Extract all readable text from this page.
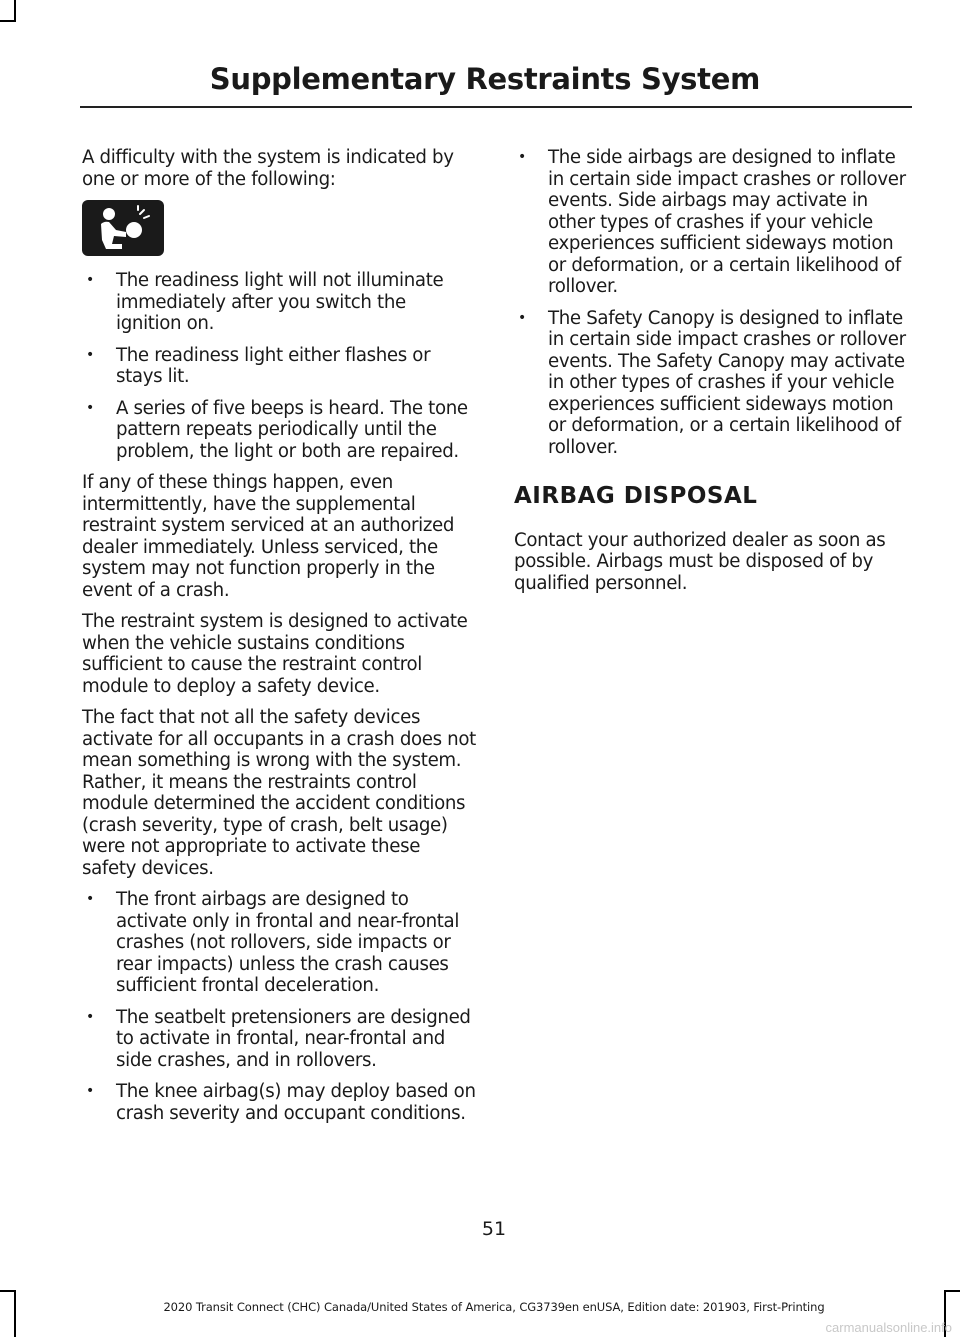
Supplementary Restraints System

A difficulty with the system is indicated by one or more of the following:

• The readiness light will not illuminate immediately after you switch the ignition on.
• The readiness light either flashes or stays lit.
• A series of five beeps is heard. The tone pattern repeats periodically until the problem, the light or both are repaired.

If any of these things happen, even intermittently, have the supplemental restraint system serviced at an authorized dealer immediately. Unless serviced, the system may not function properly in the event of a crash.

The restraint system is designed to activate when the vehicle sustains conditions sufficient to cause the restraint control module to deploy a safety device.

The fact that not all the safety devices activate for all occupants in a crash does not mean something is wrong with the system. Rather, it means the restraints control module determined the accident conditions (crash severity, type of crash, belt usage) were not appropriate to activate these safety devices.

• The front airbags are designed to activate only in frontal and near-frontal crashes (not rollovers, side impacts or rear impacts) unless the crash causes sufficient frontal deceleration.
• The seatbelt pretensioners are designed to activate in frontal, near-frontal and side crashes, and in rollovers.
• The knee airbag(s) may deploy based on crash severity and occupant conditions.
• The side airbags are designed to inflate in certain side impact crashes or rollover events. Side airbags may activate in other types of crashes if your vehicle experiences sufficient sideways motion or deformation, or a certain likelihood of rollover.
• The Safety Canopy is designed to inflate in certain side impact crashes or rollover events. The Safety Canopy may activate in other types of crashes if your vehicle experiences sufficient sideways motion or deformation, or a certain likelihood of rollover.
AIRBAG DISPOSAL

Contact your authorized dealer as soon as possible. Airbags must be disposed of by qualified personnel.

51
2020 Transit Connect (CHC) Canada/United States of America, CG3739en enUSA, Edition date: 201903, First-Printing
carmanualsonline.info
